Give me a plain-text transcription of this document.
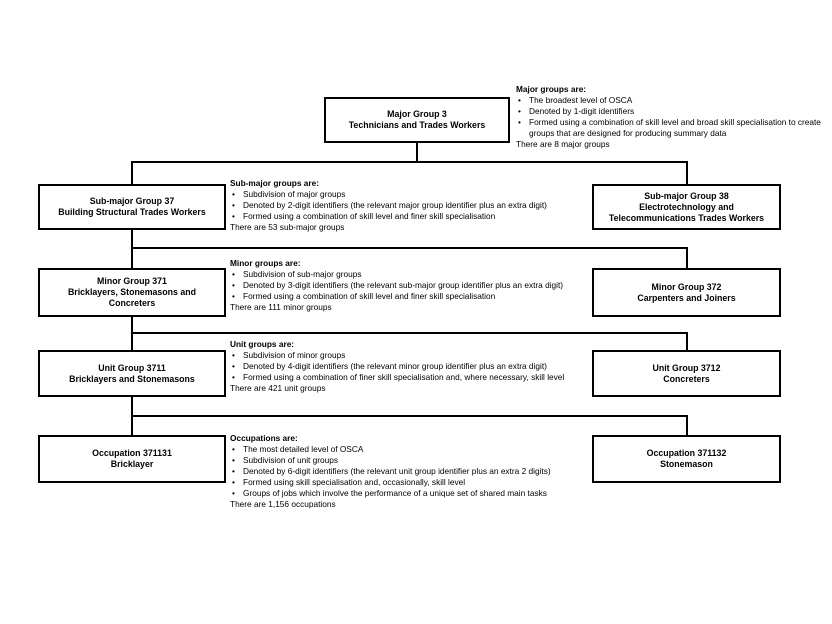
Major Group 3
Technicians and Trades Workers
Major groups are:
• The broadest level of OSCA
• Denoted by 1-digit identifiers
• Formed using a combination of skill level and broad skill specialisation to create groups that are designed for producing summary data
There are 8 major groups
Sub-major Group 37
Building Structural Trades Workers
Sub-major Group 38
Electrotechnology and
Telecommunications Trades Workers
Sub-major groups are:
• Subdivision of major groups
• Denoted by 2-digit identifiers (the relevant major group identifier plus an extra digit)
• Formed using a combination of skill level and finer skill specialisation
There are 53 sub-major groups
Minor Group 371
Bricklayers, Stonemasons and
Concreters
Minor Group 372
Carpenters and Joiners
Minor groups are:
• Subdivision of sub-major groups
• Denoted by 3-digit identifiers (the relevant sub-major group identifier plus an extra digit)
• Formed using a combination of skill level and finer skill specialisation
There are 111 minor groups
Unit Group 3711
Bricklayers and Stonemasons
Unit Group 3712
Concreters
Unit groups are:
• Subdivision of minor groups
• Denoted by 4-digit identifiers (the relevant minor group identifier plus an extra digit)
• Formed using a combination of finer skill specialisation and, where necessary, skill level
There are 421 unit groups
Occupation 371131
Bricklayer
Occupation 371132
Stonemason
Occupations are:
• The most detailed level of OSCA
• Subdivision of unit groups
• Denoted by 6-digit identifiers (the relevant unit group identifier plus an extra 2 digits)
• Formed using skill specialisation and, occasionally, skill level
• Groups of jobs which involve the performance of a unique set of shared main tasks
There are 1,156 occupations
